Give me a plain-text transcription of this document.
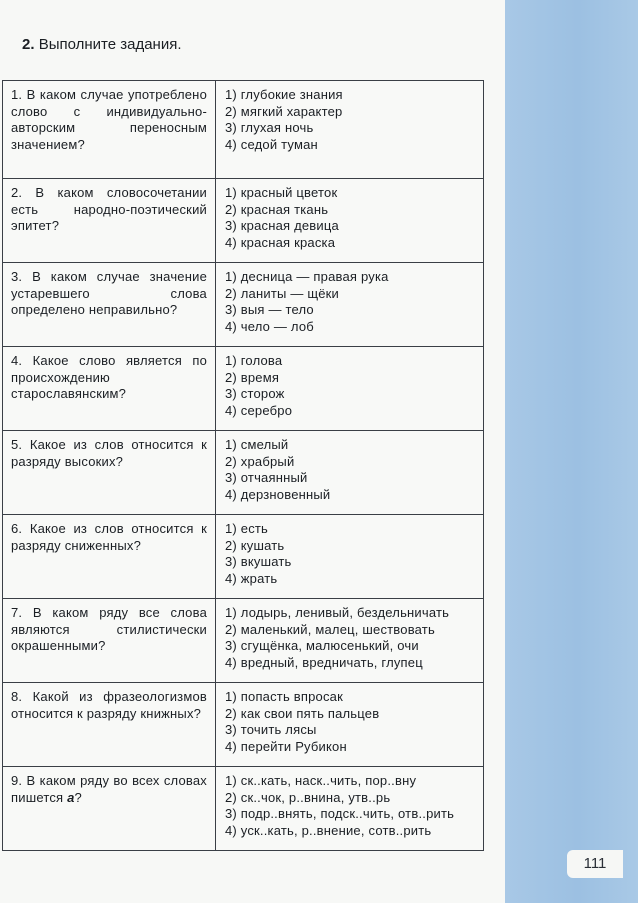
2. Выполните задания.
1. В каком случае употреблено слово с индивидуально-авторским переносным значением?	1) глубокие знания
2) мягкий характер
3) глухая ночь
4) седой туман

2. В каком словосочетании есть народно-поэтический эпитет?	1) красный цветок
2) красная ткань
3) красная девица
4) красная краска

3. В каком случае значение устаревшего слова определено неправильно?	1) десница — правая рука
2) ланиты — щёки
3) выя — тело
4) чело — лоб

4. Какое слово является по происхождению старославянским?	1) голова
2) время
3) сторож
4) серебро

5. Какое из слов относится к разряду высоких?	1) смелый
2) храбрый
3) отчаянный
4) дерзновенный

6. Какое из слов относится к разряду сниженных?	1) есть
2) кушать
3) вкушать
4) жрать

7. В каком ряду все слова являются стилистически окрашенными?	1) лодырь, ленивый, бездельничать
2) маленький, малец, шествовать
3) сгущёнка, малюсенький, очи
4) вредный, вредничать, глупец

8. Какой из фразеологизмов относится к разряду книжных?	1) попасть впросак
2) как свои пять пальцев
3) точить лясы
4) перейти Рубикон

9. В каком ряду во всех словах пишется а?	1) ск..кать, наск..чить, пор..вну
2) ск..чок, р..внина, утв..рь
3) подр..внять, подск..чить, отв..рить
4) уск..кать, р..внение, сотв..рить
111
